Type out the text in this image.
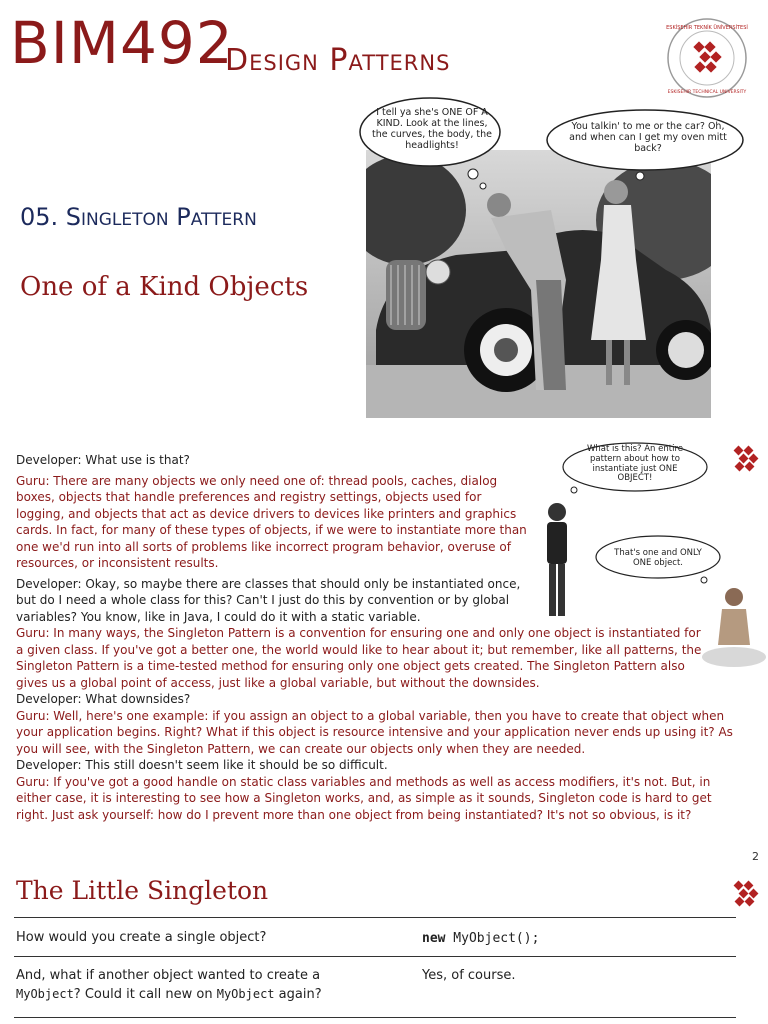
BIM492
Design Patterns
ESKİŞEHİR TEKNİK ÜNİVERSİTESİ
ESKISEHIR TECHNICAL UNIVERSITY
05. Singleton Pattern
One of a Kind Objects
I tell ya she's ONE OF A KIND. Look at the lines, the curves, the body, the headlights!
You talkin' to me or the car? Oh, and when can I get my oven mitt back?

Developer: What use is that?

Guru: There are many objects we only need one of: thread pools, caches, dialog boxes, objects that handle preferences and registry settings, objects used for logging, and objects that act as device drivers to devices like printers and graphics cards. In fact, for many of these types of objects, if we were to instantiate more than one we'd run into all sorts of problems like incorrect program behavior, overuse of resources, or inconsistent results.

Developer: Okay, so maybe there are classes that should only be instantiated once, but do I need a whole class for this? Can't I just do this by convention or by global variables? You know, like in Java, I could do it with a static variable.

Guru: In many ways, the Singleton Pattern is a convention for ensuring one and only one object is instantiated for a given class. If you've got a better one, the world would like to hear about it; but remember, like all patterns, the Singleton Pattern is a time-tested method for ensuring only one object gets created. The Singleton Pattern also gives us a global point of access, just like a global variable, but without the downsides.

Developer: What downsides?

Guru: Well, here's one example: if you assign an object to a global variable, then you have to create that object when your application begins. Right? What if this object is resource intensive and your application never ends up using it? As you will see, with the Singleton Pattern, we can create our objects only when they are needed.

Developer: This still doesn't seem like it should be so difficult.

Guru: If you've got a good handle on static class variables and methods as well as access modifiers, it's not. But, in either case, it is interesting to see how a Singleton works, and, as simple as it sounds, Singleton code is hard to get right. Just ask yourself: how do I prevent more than one object from being instantiated? It's not so obvious, is it?

What is this? An entire pattern about how to instantiate just ONE OBJECT!
That's one and ONLY ONE object.
2
The Little Singleton
How would you create a single object?	new MyObject();
And, what if another object wanted to create a
MyObject? Could it call new on MyObject again?
Yes, of course.
